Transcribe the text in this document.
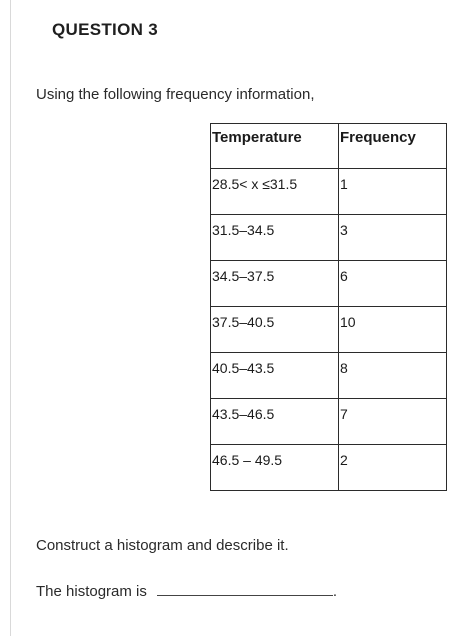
QUESTION 3
Using the following frequency information,
Temperature	Frequency
28.5< x ≤31.5	1
31.5–34.5	3
34.5–37.5	6
37.5–40.5	10
40.5–43.5	8
43.5–46.5	7
46.5 – 49.5	2
Construct a histogram and describe it.
The histogram is	.
